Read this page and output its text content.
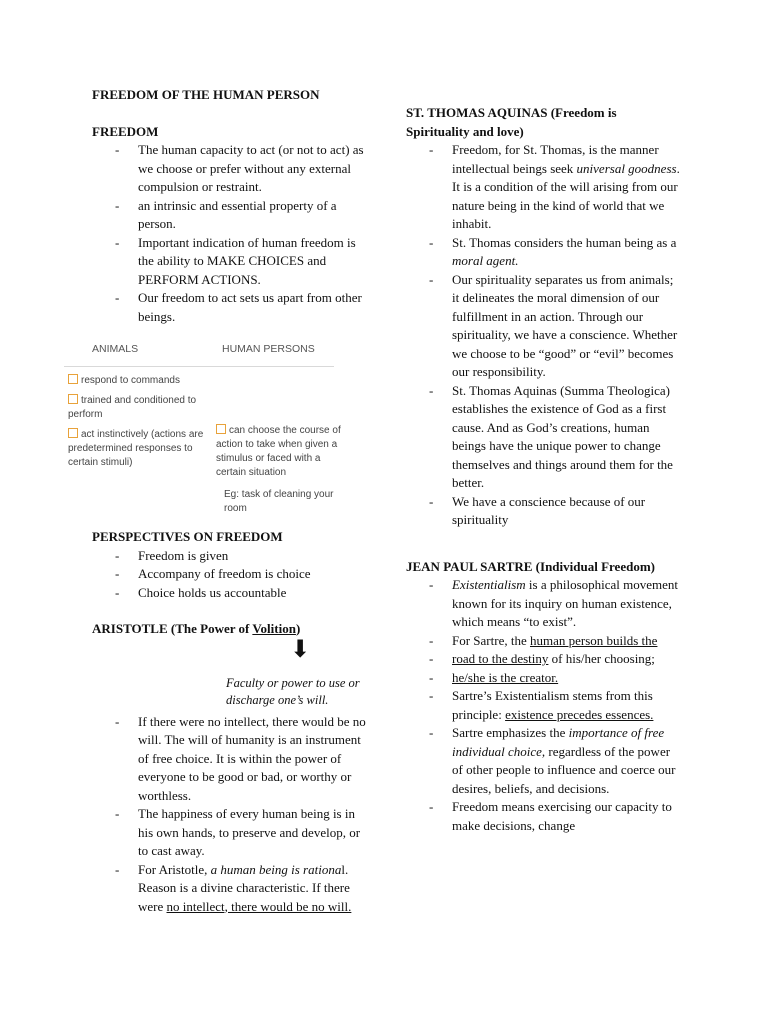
FREEDOM OF THE HUMAN PERSON

FREEDOM

- The human capacity to act (or not to act) as we choose or prefer without any external compulsion or restraint.
- an intrinsic and essential property of a person.
- Important indication of human freedom is the ability to MAKE CHOICES and PERFORM ACTIONS.
- Our freedom to act sets us apart from other beings.
ANIMALS	HUMAN PERSONS
respond to commands
trained and conditioned to perform
act instinctively (actions are predetermined responses to certain stimuli)
can choose the course of action to take when given a stimulus or faced with a certain situation
Eg: task of cleaning your room

PERSPECTIVES ON FREEDOM

- Freedom is given
- Accompany of freedom is choice
- Choice holds us accountable

ARISTOTLE (The Power of Volition)

⬇
Faculty or power to use or discharge one’s will.
- If there were no intellect, there would be no will. The will of humanity is an instrument of free choice. It is within the power of everyone to be good or bad, or worthy or worthless.
- The happiness of every human being is in his own hands, to preserve and develop, or to cast away.
- For Aristotle, a human being is rational. Reason is a divine characteristic. If there were no intellect, there would be no will.

ST. THOMAS AQUINAS (Freedom is Spirituality and love)

- Freedom, for St. Thomas, is the manner intellectual beings seek universal goodness. It is a condition of the will arising from our nature being in the kind of world that we inhabit.
- St. Thomas considers the human being as a moral agent.
- Our spirituality separates us from animals; it delineates the moral dimension of our fulfillment in an action. Through our spirituality, we have a conscience. Whether we choose to be “good” or “evil” becomes our responsibility.
- St. Thomas Aquinas (Summa Theologica) establishes the existence of God as a first cause. And as God’s creations, human beings have the unique power to change themselves and things around them for the better.
- We have a conscience because of our spirituality

JEAN PAUL SARTRE (Individual Freedom)

- Existentialism is a philosophical movement known for its inquiry on human existence, which means “to exist”.
- For Sartre, the human person builds the
- road to the destiny of his/her choosing;
- he/she is the creator.
- Sartre’s Existentialism stems from this principle: existence precedes essences.
- Sartre emphasizes the importance of free
individual choice, regardless of the power of other people to influence and coerce our desires, beliefs, and decisions.
- Freedom means exercising our capacity to make decisions, change
